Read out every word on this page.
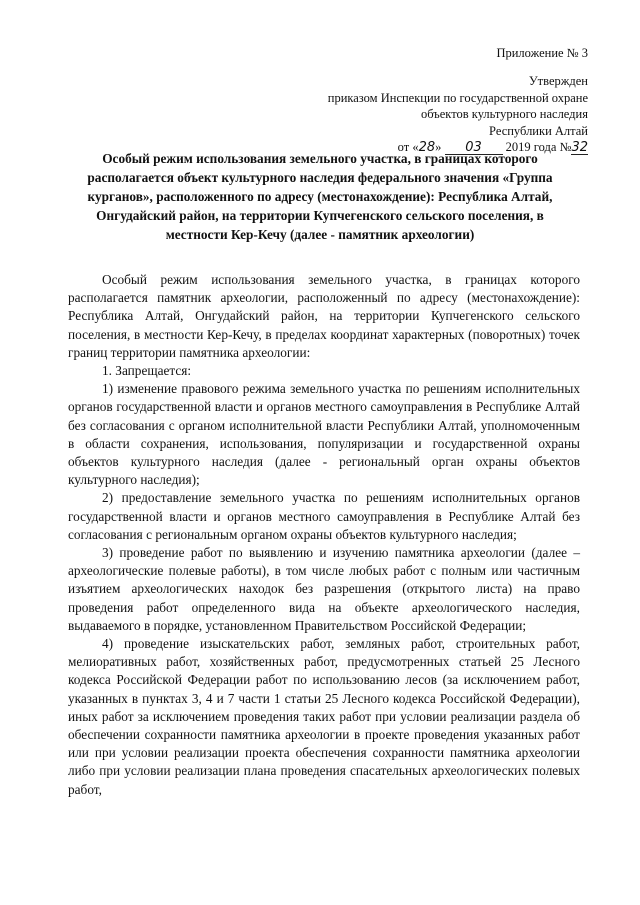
Приложение № 3
Утвержден
приказом Инспекции по государственной охране
объектов культурного наследия
Республики Алтай
от «28» 03 2019 года №32
Особый режим использования земельного участка, в границах которого располагается объект культурного наследия федерального значения «Группа курганов», расположенного по адресу (местонахождение): Республика Алтай, Онгудайский район, на территории Купчегенского сельского поселения, в местности Кер-Кечу (далее - памятник археологии)

Особый режим использования земельного участка, в границах которого располагается памятник археологии, расположенный по адресу (местонахождение): Республика Алтай, Онгудайский район, на территории Купчегенского сельского поселения, в местности Кер-Кечу, в пределах координат характерных (поворотных) точек границ территории памятника археологии:

1. Запрещается:

1) изменение правового режима земельного участка по решениям исполнительных органов государственной власти и органов местного самоуправления в Республике Алтай без согласования с органом исполнительной власти Республики Алтай, уполномоченным в области сохранения, использования, популяризации и государственной охраны объектов культурного наследия (далее - региональный орган охраны объектов культурного наследия);

2) предоставление земельного участка по решениям исполнительных органов государственной власти и органов местного самоуправления в Республике Алтай без согласования с региональным органом охраны объектов культурного наследия;

3) проведение работ по выявлению и изучению памятника археологии (далее – археологические полевые работы), в том числе любых работ с полным или частичным изъятием археологических находок без разрешения (открытого листа) на право проведения работ определенного вида на объекте археологического наследия, выдаваемого в порядке, установленном Правительством Российской Федерации;

4) проведение изыскательских работ, земляных работ, строительных работ, мелиоративных работ, хозяйственных работ, предусмотренных статьей 25 Лесного кодекса Российской Федерации работ по использованию лесов (за исключением работ, указанных в пунктах 3, 4 и 7 части 1 статьи 25 Лесного кодекса Российской Федерации), иных работ за исключением проведения таких работ при условии реализации раздела об обеспечении сохранности памятника археологии в проекте проведения указанных работ или при условии реализации проекта обеспечения сохранности памятника археологии либо при условии реализации плана проведения спасательных археологических полевых работ,
